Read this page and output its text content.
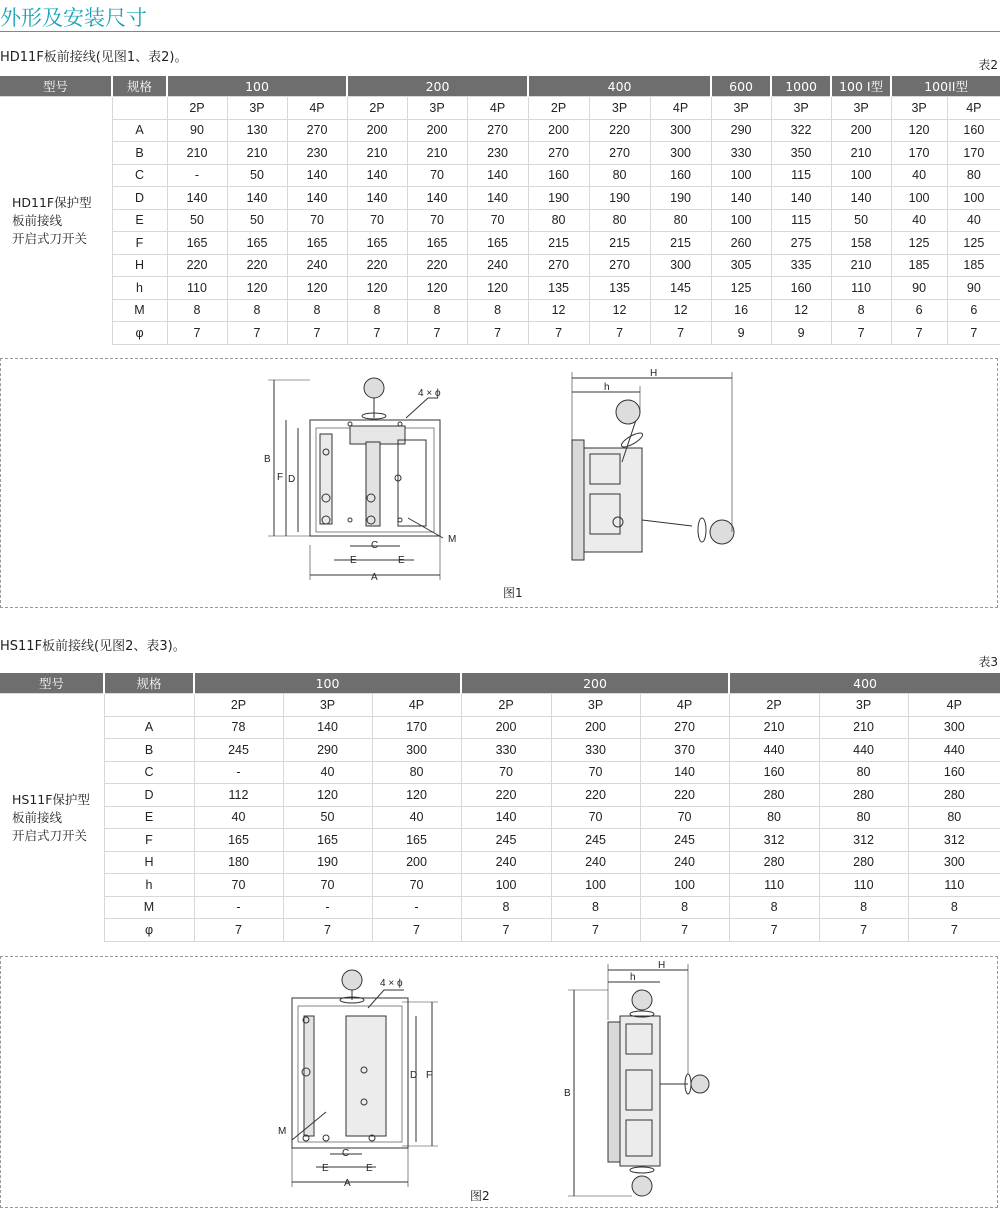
外形及安装尺寸
HD11F板前接线(见图1、表2)。	表2
型号	规格	100			200			400			600	1000	100 I型	100II型	

HD11F保护型
板前接线
开启式刀开关		2P	3P	4P	2P	3P	4P	2P	3P	4P	3P	3P	3P	3P	4P
	A	90	130	270	200	200	270	200	220	300	290	322	200	120	160
	B	210	210	230	210	210	230	270	270	300	330	350	210	170	170
	C	-	50	140	140	70	140	160	80	160	100	115	100	40	80
	D	140	140	140	140	140	140	190	190	190	140	140	140	100	100
	E	50	50	70	70	70	70	80	80	80	100	115	50	40	40
	F	165	165	165	165	165	165	215	215	215	260	275	158	125	125
	H	220	220	240	220	220	240	270	270	300	305	335	210	185	185
	h	110	120	120	120	120	120	135	135	145	125	160	110	90	90
	M	8	8	8	8	8	8	12	12	12	16	12	8	6	6
	φ	7	7	7	7	7	7	7	7	7	9	9	7	7	7
图1
B
F D
C
E	E
A
M
4 × ϕ
H
h
HS11F板前接线(见图2、表3)。
表3
型号	规格	100			200			400		

HS11F保护型
板前接线
开启式刀开关		2P	3P	4P	2P	3P	4P	2P	3P	4P
	A	78	140	170	200	200	270	210	210	300
	B	245	290	300	330	330	370	440	440	440
	C	-	40	80	70	70	140	160	80	160
	D	112	120	120	220	220	220	280	280	280
	E	40	50	40	140	70	70	80	80	80
	F	165	165	165	245	245	245	312	312	312
	H	180	190	200	240	240	240	280	280	300
	h	70	70	70	100	100	100	110	110	110
	M	-	-	-	8	8	8	8	8	8
	φ	7	7	7	7	7	7	7	7	7
图2
D F
C
E	E
A
M
4 × ϕ
B
H
h
